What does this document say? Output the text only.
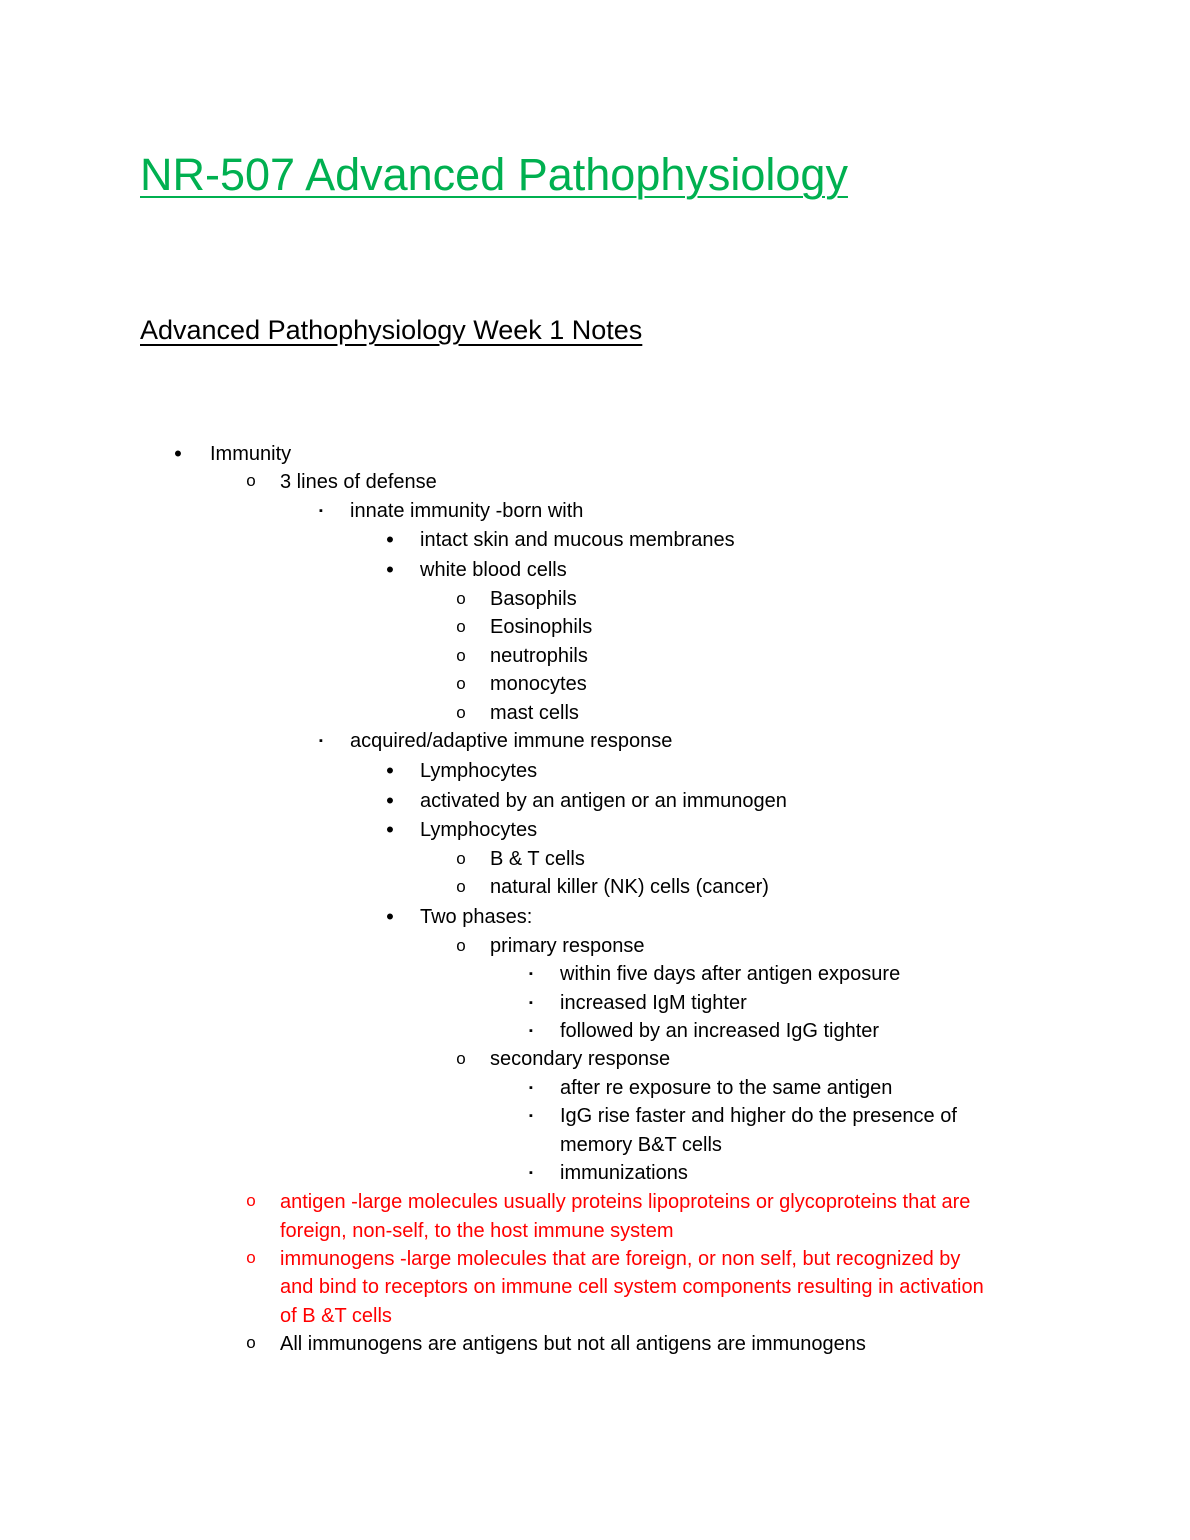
NR-507 Advanced Pathophysiology
Advanced Pathophysiology Week 1 Notes
•	Immunity
o 3 lines of defense
▪	innate immunity -born with
•	intact skin and mucous membranes
•	white blood cells
o Basophils
o Eosinophils
o neutrophils
o monocytes
o mast cells
▪	acquired/adaptive immune response
•	Lymphocytes
•	activated by an antigen or an immunogen
•	Lymphocytes
o B & T cells
o natural killer (NK) cells (cancer)
•	Two phases:
o primary response
▪	within five days after antigen exposure
▪	increased IgM tighter
▪	followed by an increased IgG tighter
o secondary response
▪	after re exposure to the same antigen
▪	IgG rise faster and higher do the presence of
memory B&T cells
▪	immunizations
o antigen -large molecules usually proteins lipoproteins or glycoproteins that are
foreign, non-self, to the host immune system
o immunogens -large molecules that are foreign, or non self, but recognized by
and bind to receptors on immune cell system components resulting in activation
of B &T cells
o All immunogens are antigens but not all antigens are immunogens
